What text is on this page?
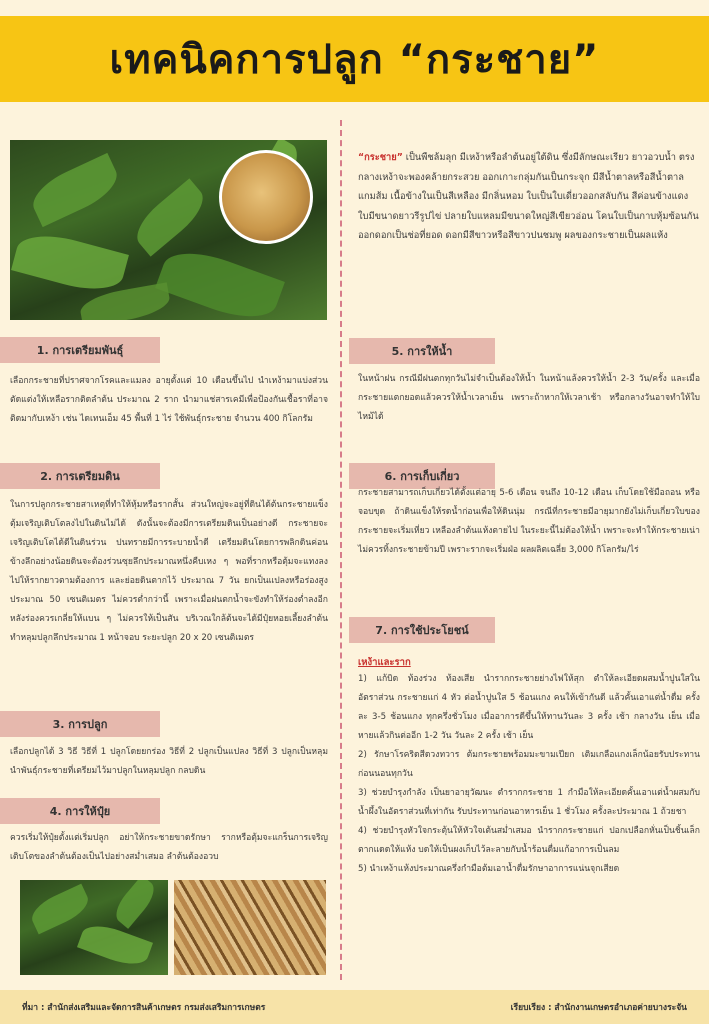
เทคนิคการปลูก “กระชาย”

“กระชาย” เป็นพืชล้มลุก มีเหง้าหรือลำต้นอยู่ใต้ดิน ซึ่งมีลักษณะเรียว ยาวอวบน้ำ ตรงกลางเหง้าจะพองคล้ายกระสวย ออกเกาะกลุ่มกันเป็นกระจุก มีสีน้ำตาลหรือสีน้ำตาลแกมส้ม เนื้อข้างในเป็นสีเหลือง มีกลิ่นหอม ใบเป็นใบเดี่ยวออกสลับกัน สีค่อนข้างแดง ใบมีขนาดยาวรีรูปไข่ ปลายใบแหลมมีขนาดใหญ่สีเขียวอ่อน โคนใบเป็นกาบหุ้มซ้อนกัน ออกดอกเป็นช่อที่ยอด ดอกมีสีขาวหรือสีขาวปนชมพู ผลของกระชายเป็นผลแห้ง

1. การเตรียมพันธุ์

เลือกกระชายที่ปราศจากโรคและแมลง อายุตั้งแต่ 10 เดือนขึ้นไป นำเหง้ามาแบ่งส่วนตัดแต่งให้เหลือรากติดลำต้น ประมาณ 2 ราก นำมาแช่สารเคมีเพื่อป้องกันเชื้อราที่อาจติดมากับเหง้า เช่น ไดเทนเอ็ม 45 พื้นที่ 1 ไร่ ใช้พันธุ์กระชาย จำนวน 400 กิโลกรัม

2. การเตรียมดิน

ในการปลูกกระชายสาเหตุที่ทำให้หุ้มหรือรากสั้น ส่วนใหญ่จะอยู่ที่ดินได้ต้นกระชายแข็ง ตุ้มเจริญเติบโตลงไปในดินไม่ได้ ดังนั้นจะต้องมีการเตรียมดินเป็นอย่างดี กระชายจะเจริญเติบโตได้ดีในดินร่วน ปนทรายมีการระบายน้ำดี เตรียมดินโดยการพลิกดินค่อนข้างลึกอย่างน้อยดินจะต้องร่วนซุยลึกประมาณหนึ่งคืบเหง ๆ พอที่รากหรือตุ้มจะแทงลงไปให้รากยาวตามต้องการ และย่อยดินตากไว้ ประมาณ 7 วัน ยกเป็นแปลงหรือร่องสูงประมาณ 50 เซนติเมตร ไม่ควรต่ำกว่านี้ เพราะเมื่อฝนตกน้ำจะขังทำให้ร่องต่ำลงอีก หลังร่องควรเกลี่ยให้แบน ๆ ไม่ควรให้เป็นสัน บริเวณใกล้ต้นจะได้มีปุ๋ยหอยเลี้ยงลำต้น ทำหลุมปลูกลึกประมาณ 1 หน้าจอบ ระยะปลูก 20 x 20 เซนติเมตร

3. การปลูก

เลือกปลูกได้ 3 วิธี วิธีที่ 1 ปลูกโดยยกร่อง วิธีที่ 2 ปลูกเป็นแปลง วิธีที่ 3 ปลูกเป็นหลุม นำพันธุ์กระชายที่เตรียมไว้มาปลูกในหลุมปลูก กลบดิน

4. การให้ปุ๋ย

ควรเริ่มให้ปุ๋ยตั้งแต่เริ่มปลูก อย่าให้กระชายขาดรักษา รากหรือตุ้มจะแกร็นการเจริญเติบโตของลำต้นต้องเป็นไปอย่างสม่ำเสมอ ลำต้นต้องอวบ

5. การให้น้ำ

ในหน้าฝน กรณีมีฝนตกทุกวันไม่จำเป็นต้องให้น้ำ ในหน้าแล้งควรให้น้ำ 2-3 วัน/ครั้ง และเมื่อกระชายแตกยอดแล้วควรให้น้ำเวลาเย็น เพราะถ้าหากให้เวลาเช้า หรือกลางวันอาจทำให้ใบไหม้ได้

6. การเก็บเกี่ยว

กระชายสามารถเก็บเกี่ยวได้ตั้งแต่อายุ 5-6 เดือน จนถึง 10-12 เดือน เก็บโดยใช้มือถอน หรือจอบขุด ถ้าดินแข็งให้รดน้ำก่อนเพื่อให้ดินนุ่ม กรณีที่กระชายมีอายุมากยังไม่เก็บเกี่ยวใบของกระชายจะเริ่มเหี่ยว เหลืองลำต้นแห้งตายไป ในระยะนี้ไม่ต้องให้น้ำ เพราะจะทำให้กระชายเน่า ไม่ควรทิ้งกระชายข้ามปี เพราะรากจะเริ่มฝ่อ ผลผลิตเฉลี่ย 3,000 กิโลกรัม/ไร่

7. การใช้ประโยชน์
เหง้าและราก
1) แก้บิด ท้องร่วง ท้องเสีย นำรากกระชายย่างไฟให้สุก ตำให้ละเอียดผสมน้ำปูนใสในอัตราส่วน กระชายแก่ 4 หัว ต่อน้ำปูนใส 5 ช้อนแกง คนให้เข้ากันดี แล้วคั้นเอาแต่น้ำดื่ม ครั้งละ 3-5 ช้อนแกง ทุกครึ่งชั่วโมง เมื่ออาการดีขึ้นให้ทานวันละ 3 ครั้ง เช้า กลางวัน เย็น เมื่อหายแล้วกินต่ออีก 1-2 วัน วันละ 2 ครั้ง เช้า เย็น
2) รักษาโรคริดสีดวงทวาร ต้มกระชายพร้อมมะขามเปียก เติมเกลือแกงเล็กน้อยรับประทานก่อนนอนทุกวัน
3) ช่วยบำรุงกำลัง เป็นยาอายุวัฒนะ ตำรากกระชาย 1 กำมือให้ละเอียดคั้นเอาแต่น้ำผสมกับน้ำผึ้งในอัตราส่วนที่เท่ากัน รับประทานก่อนอาหารเย็น 1 ชั่วโมง ครั้งละประมาณ 1 ถ้วยชา
4) ช่วยบำรุงหัวใจกระตุ้นให้หัวใจเต้นสม่ำเสมอ นำรากกระชายแก่ ปอกเปลือกหั่นเป็นชิ้นเล็ก ตากแดดให้แห้ง บดให้เป็นผงเก็บไว้ละลายกับน้ำร้อนดื่มแก้อาการเป็นลม
5) นำเหง้าแห้งประมาณครึ่งกำมือต้มเอาน้ำดื่มรักษาอาการแน่นจุกเสียด
ที่มา : สำนักส่งเสริมและจัดการสินค้าเกษตร กรมส่งเสริมการเกษตร	เรียบเรียง : สำนักงานเกษตรอำเภอค่ายบางระจัน
